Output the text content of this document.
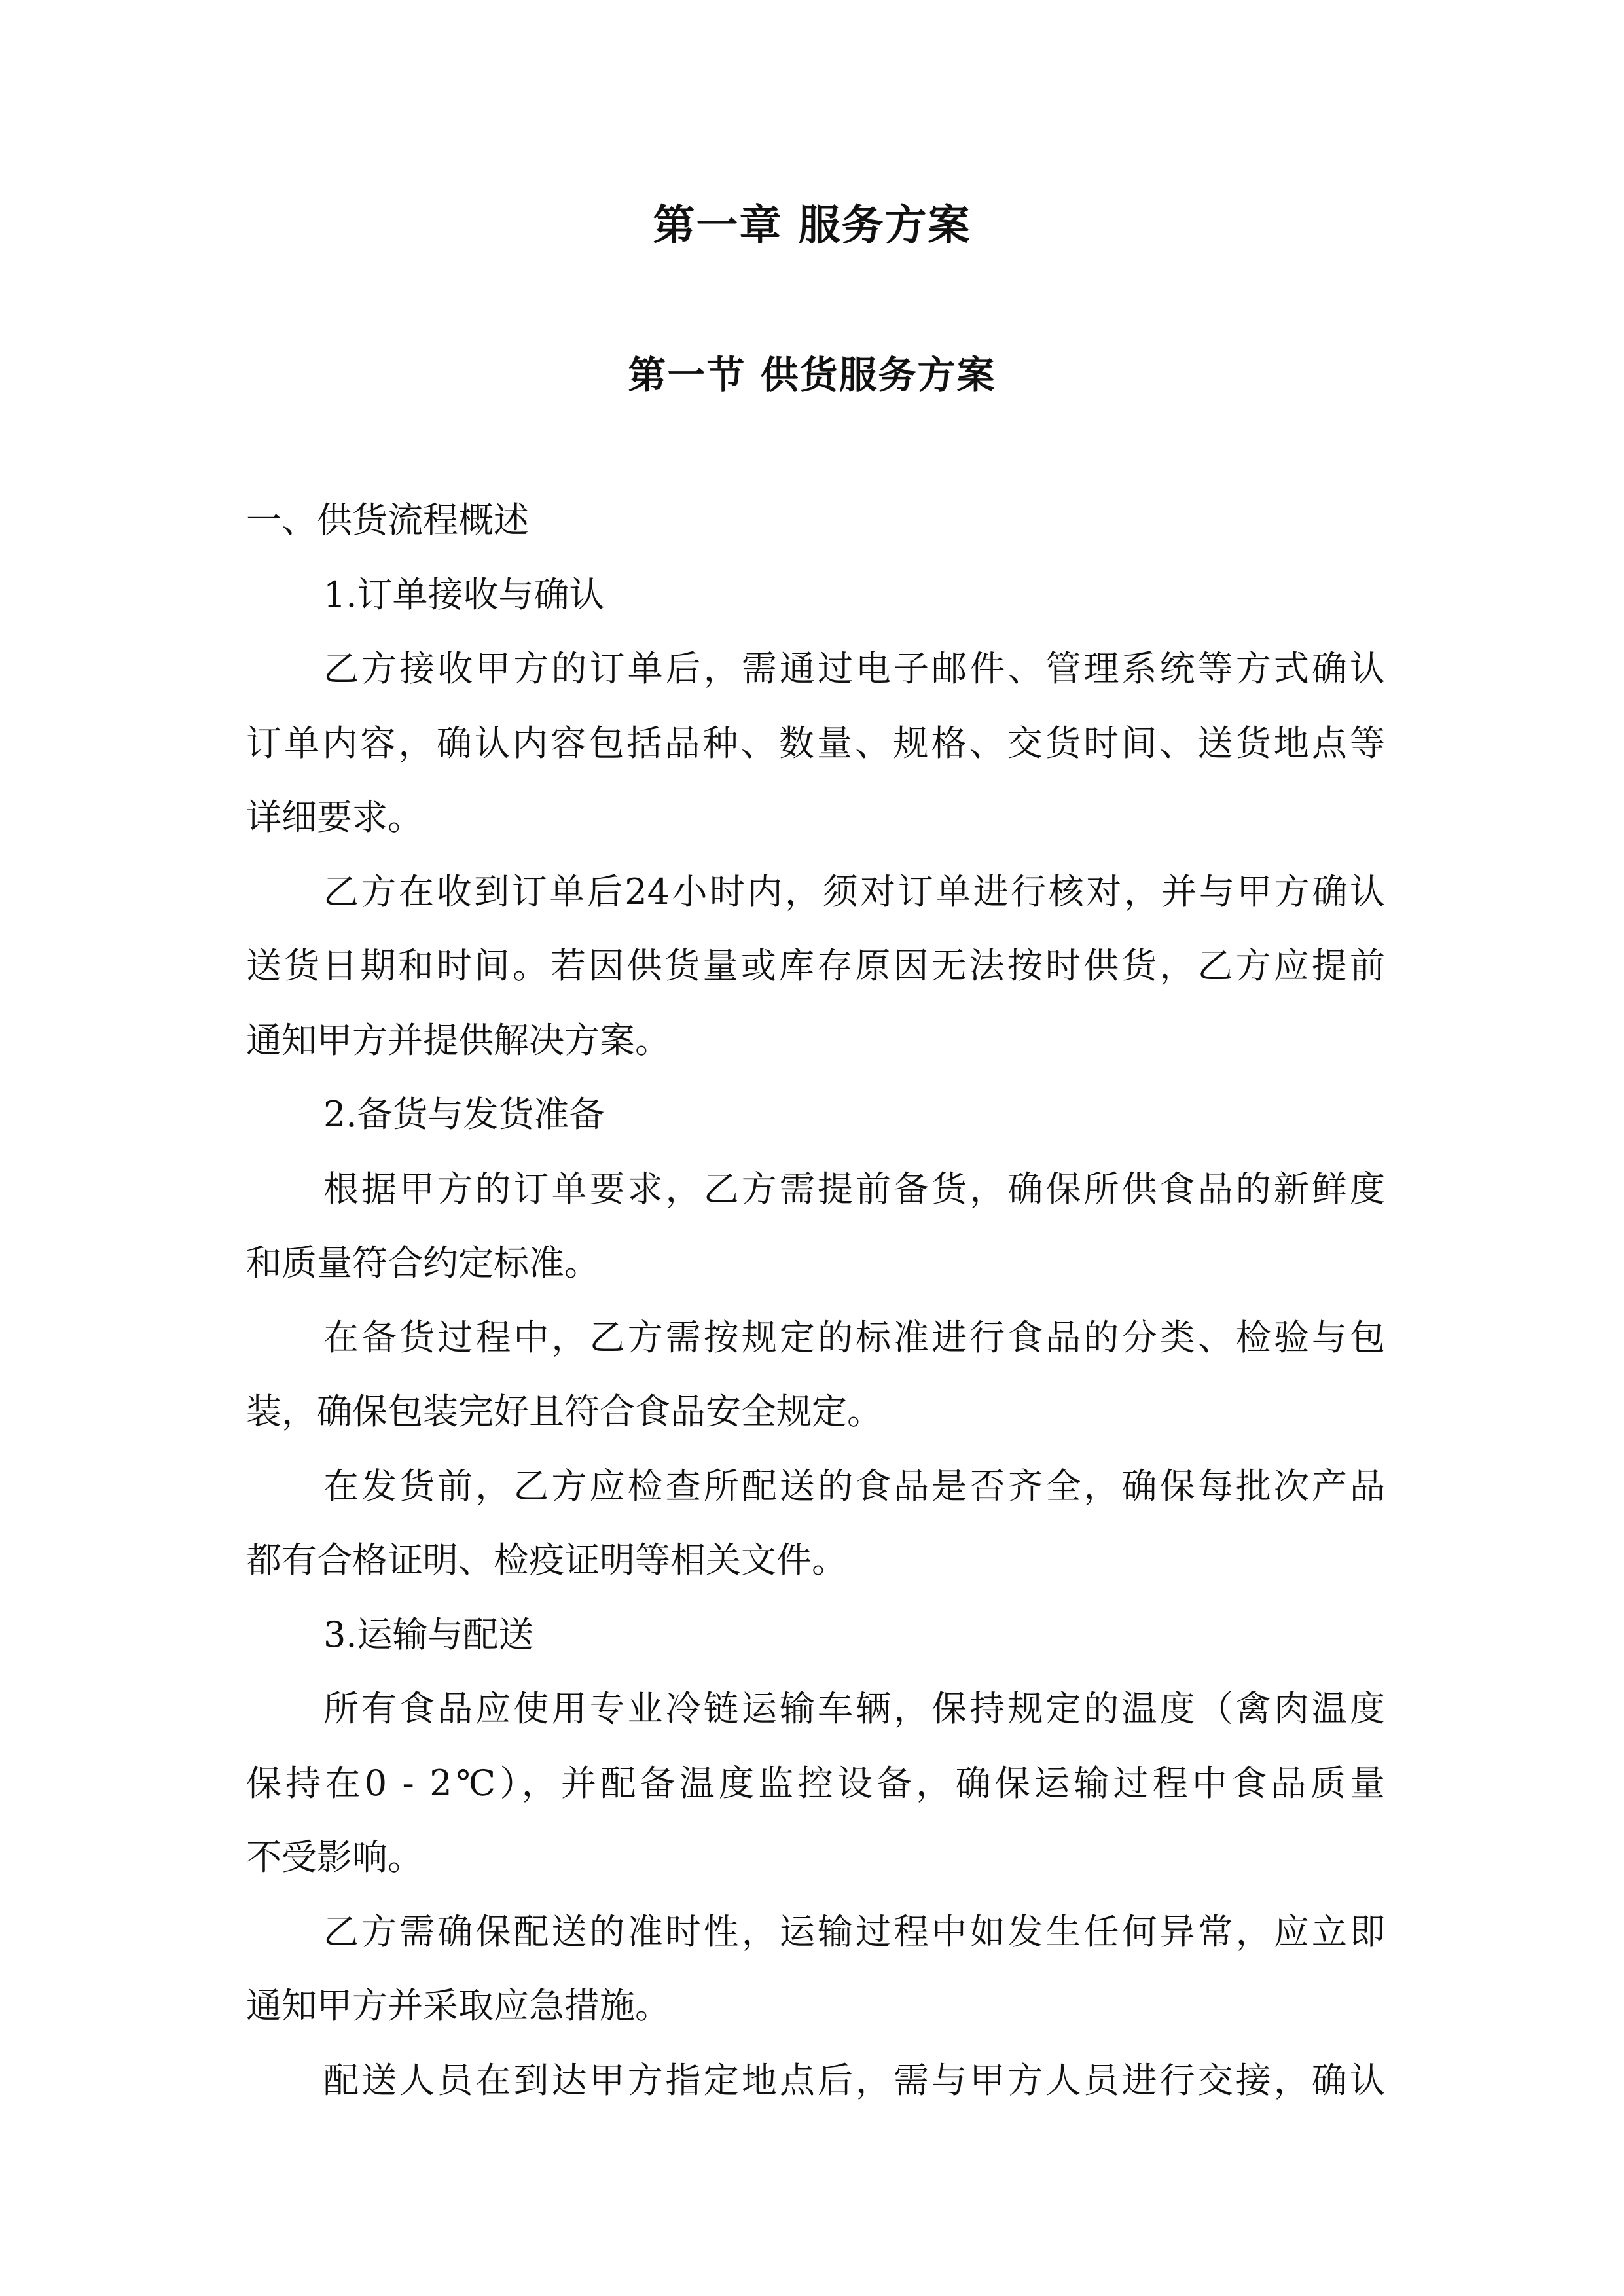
第一章 服务方案
第一节 供货服务方案

一、供货流程概述

1.订单接收与确认

乙方接收甲方的订单后，需通过电子邮件、管理系统等方式确认

订单内容，确认内容包括品种、数量、规格、交货时间、送货地点等

详细要求。

乙方在收到订单后24小时内，须对订单进行核对，并与甲方确认

送货日期和时间。若因供货量或库存原因无法按时供货，乙方应提前

通知甲方并提供解决方案。

2.备货与发货准备

根据甲方的订单要求，乙方需提前备货，确保所供食品的新鲜度

和质量符合约定标准。

在备货过程中，乙方需按规定的标准进行食品的分类、检验与包

装，确保包装完好且符合食品安全规定。

在发货前，乙方应检查所配送的食品是否齐全，确保每批次产品

都有合格证明、检疫证明等相关文件。

3.运输与配送

所有食品应使用专业冷链运输车辆，保持规定的温度（禽肉温度

保持在0 - 2℃），并配备温度监控设备，确保运输过程中食品质量

不受影响。

乙方需确保配送的准时性，运输过程中如发生任何异常，应立即

通知甲方并采取应急措施。

配送人员在到达甲方指定地点后，需与甲方人员进行交接，确认
